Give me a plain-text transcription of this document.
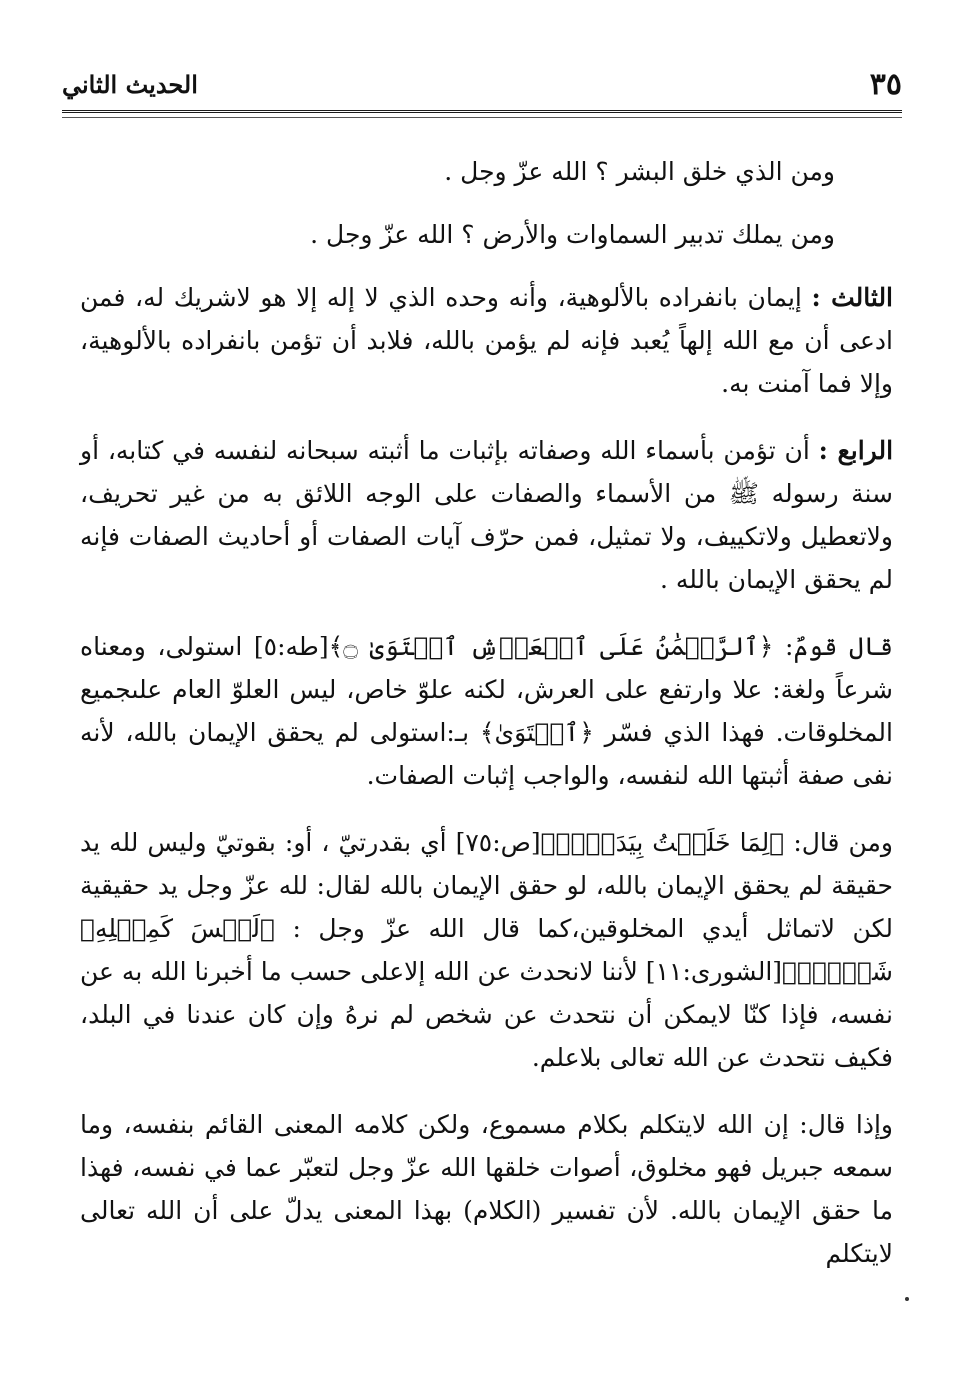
٣٥
الحديث الثاني

ومن الذي خلق البشر ؟ الله عزّ وجل .

ومن يملك تدبير السماوات والأرض ؟ الله عزّ وجل .

الثالث : إيمان بانفراده بالألوهية، وأنه وحده الذي لا إله إلا هو لاشريك له، فمن ادعى أن مع الله إلهاً يُعبد فإنه لم يؤمن بالله، فلابد أن تؤمن بانفراده بالألوهية، وإلا فما آمنت به.

الرابع : أن تؤمن بأسماء الله وصفاته بإثبات ما أثبته سبحانه لنفسه في كتابه، أو سنة رسوله ﷺ من الأسماء والصفات على الوجه اللائق به من غير تحريف، ولاتعطيل ولاتكييف، ولا تمثيل، فمن حرّف آيات الصفات أو أحاديث الصفات فإنه لم يحقق الإيمان بالله .

قال قومٌ: ﴿ٱلرَّحۡمَٰنُ عَلَى ٱلۡعَرۡشِ ٱسۡتَوَىٰ ۝﴾[طه:٥] استولى، ومعناه شرعاً ولغة: علا وارتفع على العرش، لكنه علوّ خاص، ليس العلوّ العام علىجميع المخلوقات. فهذا الذي فسّر ﴿ٱسۡتَوَىٰ﴾ بـ:استولى لم يحقق الإيمان بالله، لأنه نفى صفة أثبتها الله لنفسه، والواجب إثبات الصفات.

ومن قال: ﴿لِمَا خَلَقۡتُ بِيَدَيَّۖ﴾[ص:٧٥] أي بقدرتيّ ، أو: بقوتيّ وليس لله يد حقيقة لم يحقق الإيمان بالله، لو حقق الإيمان بالله لقال: لله عزّ وجل يد حقيقية لكن لاتماثل أيدي المخلوقين،كما قال الله عزّ وجل : ﴿لَيۡسَ كَمِثۡلِهِۦ شَيۡءٞۖ﴾[الشورى:١١] لأننا لانحدث عن الله إلاعلى حسب ما أخبرنا الله به عن نفسه، فإذا كنّا لايمكن أن نتحدث عن شخص لم نرهُ وإن كان عندنا في البلد، فكيف نتحدث عن الله تعالى بلاعلم.

وإذا قال: إن الله لايتكلم بكلام مسموع، ولكن كلامه المعنى القائم بنفسه، وما سمعه جبريل فهو مخلوق، أصوات خلقها الله عزّ وجل لتعبّر عما في نفسه، فهذا ما حقق الإيمان بالله. لأن تفسير (الكلام) بهذا المعنى يدلّ على أن الله تعالى لايتكلم
